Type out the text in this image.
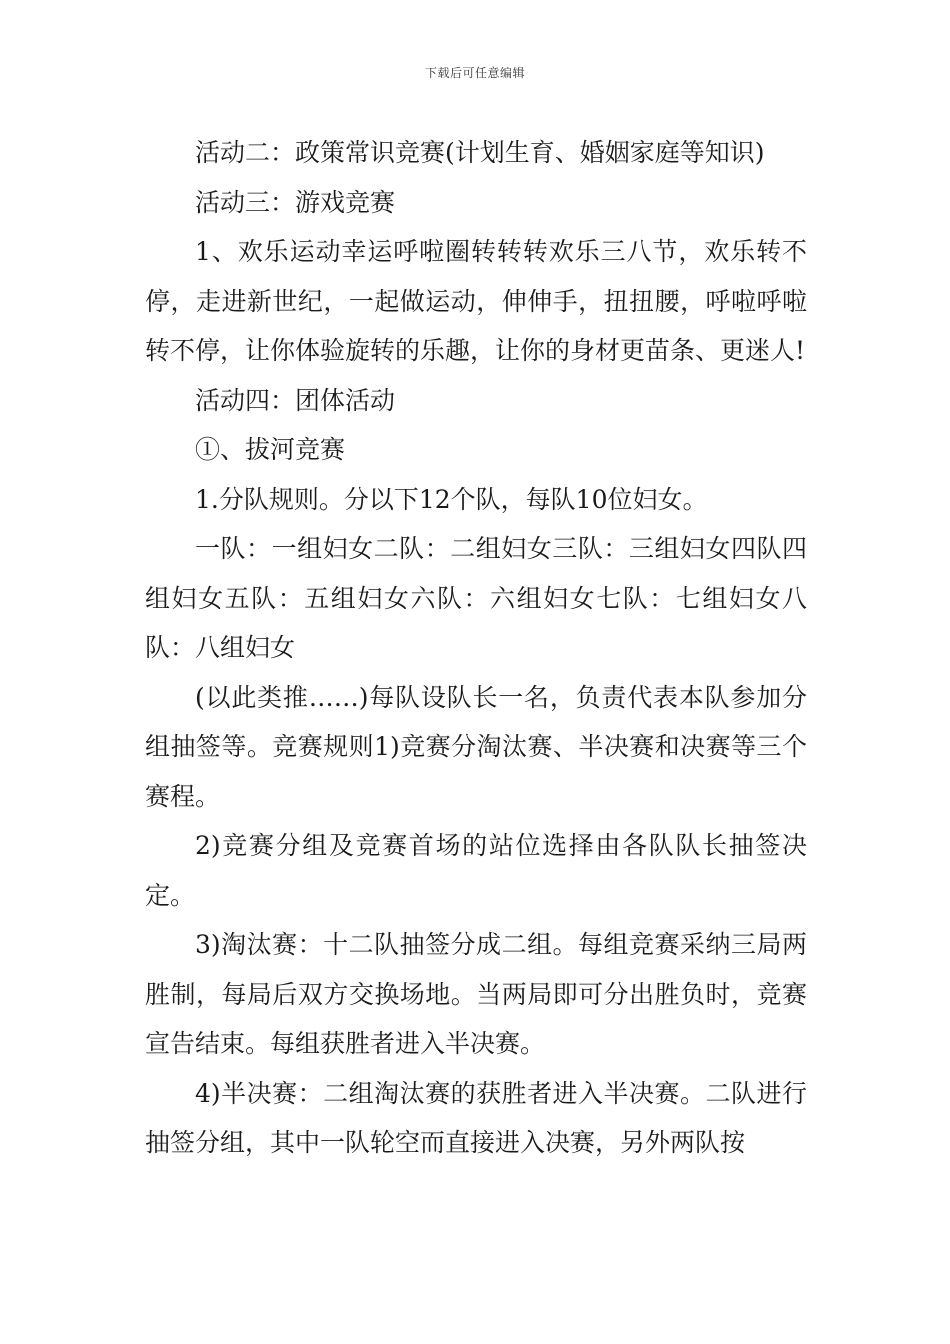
下载后可任意编辑

活动二：政策常识竞赛(计划生育、婚姻家庭等知识)

活动三：游戏竞赛

1、欢乐运动幸运呼啦圈转转转欢乐三八节，欢乐转不停，走进新世纪，一起做运动，伸伸手，扭扭腰，呼啦呼啦转不停，让你体验旋转的乐趣，让你的身材更苗条、更迷人!

活动四：团体活动

①、拔河竞赛

1.分队规则。分以下12个队，每队10位妇女。

一队：一组妇女二队：二组妇女三队：三组妇女四队四组妇女五队：五组妇女六队：六组妇女七队：七组妇女八队：八组妇女

(以此类推……)每队设队长一名，负责代表本队参加分组抽签等。竞赛规则1)竞赛分淘汰赛、半决赛和决赛等三个赛程。

2)竞赛分组及竞赛首场的站位选择由各队队长抽签决定。

3)淘汰赛：十二队抽签分成二组。每组竞赛采纳三局两胜制，每局后双方交换场地。当两局即可分出胜负时，竞赛宣告结束。每组获胜者进入半决赛。

4)半决赛：二组淘汰赛的获胜者进入半决赛。二队进行抽签分组，其中一队轮空而直接进入决赛，另外两队按
